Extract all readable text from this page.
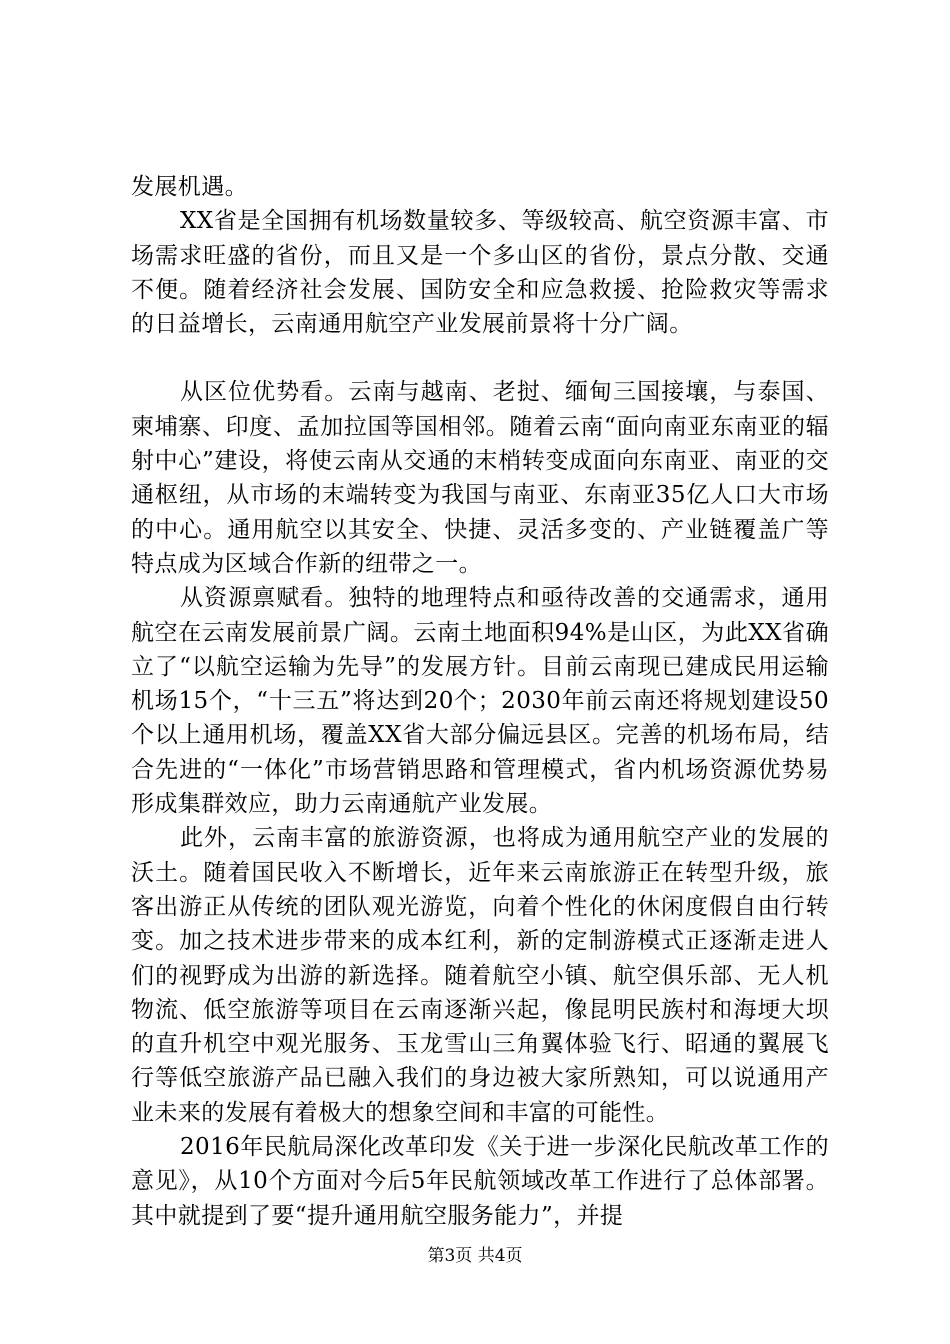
发展机遇。

XX省是全国拥有机场数量较多、等级较高、航空资源丰富、市场需求旺盛的省份，而且又是一个多山区的省份，景点分散、交通不便。随着经济社会发展、国防安全和应急救援、抢险救灾等需求的日益增长，云南通用航空产业发展前景将十分广阔。

从区位优势看。云南与越南、老挝、缅甸三国接壤，与泰国、柬埔寨、印度、孟加拉国等国相邻。随着云南“面向南亚东南亚的辐射中心”建设，将使云南从交通的末梢转变成面向东南亚、南亚的交通枢纽，从市场的末端转变为我国与南亚、东南亚35亿人口大市场的中心。通用航空以其安全、快捷、灵活多变的、产业链覆盖广等特点成为区域合作新的纽带之一。

从资源禀赋看。独特的地理特点和亟待改善的交通需求，通用航空在云南发展前景广阔。云南土地面积94%是山区，为此XX省确立了“以航空运输为先导”的发展方针。目前云南现已建成民用运输机场15个，“十三五”将达到20个；2030年前云南还将规划建设50个以上通用机场，覆盖XX省大部分偏远县区。完善的机场布局，结合先进的“一体化”市场营销思路和管理模式，省内机场资源优势易形成集群效应，助力云南通航产业发展。

此外，云南丰富的旅游资源，也将成为通用航空产业的发展的沃土。随着国民收入不断增长，近年来云南旅游正在转型升级，旅客出游正从传统的团队观光游览，向着个性化的休闲度假自由行转变。加之技术进步带来的成本红利，新的定制游模式正逐渐走进人们的视野成为出游的新选择。随着航空小镇、航空俱乐部、无人机物流、低空旅游等项目在云南逐渐兴起，像昆明民族村和海埂大坝的直升机空中观光服务、玉龙雪山三角翼体验飞行、昭通的翼展飞行等低空旅游产品已融入我们的身边被大家所熟知，可以说通用产业未来的发展有着极大的想象空间和丰富的可能性。

2016年民航局深化改革印发《关于进一步深化民航改革工作的意见》，从10个方面对今后5年民航领域改革工作进行了总体部署。其中就提到了要“提升通用航空服务能力”，并提

第3页 共4页
